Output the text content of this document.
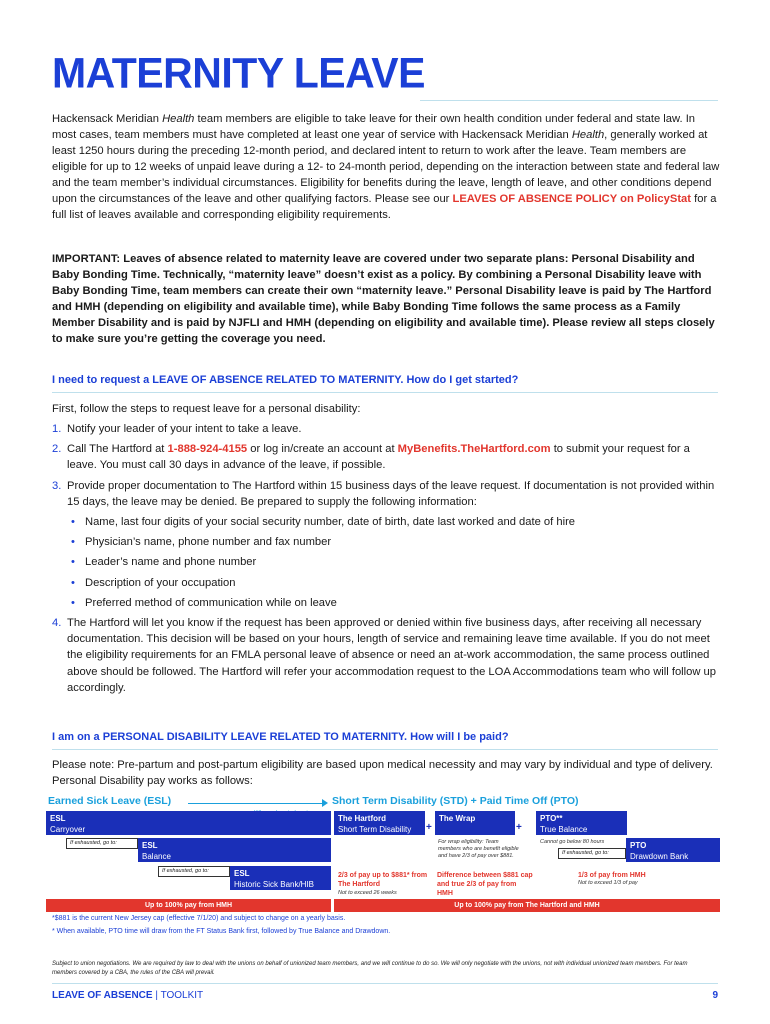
MATERNITY LEAVE

Hackensack Meridian Health team members are eligible to take leave for their own health condition under federal and state law. In most cases, team members must have completed at least one year of service with Hackensack Meridian Health, generally worked at least 1250 hours during the preceding 12-month period, and declared intent to return to work after the leave. Team members are eligible for up to 12 weeks of unpaid leave during a 12- to 24-month period, depending on the interaction between state and federal law and the team member’s individual circumstances. Eligibility for benefits during the leave, length of leave, and other conditions depend upon the circumstances of the leave and other qualifying factors. Please see our LEAVES OF ABSENCE POLICY on PolicyStat for a full list of leaves available and corresponding eligibility requirements.

IMPORTANT: Leaves of absence related to maternity leave are covered under two separate plans: Personal Disability and Baby Bonding Time. Technically, “maternity leave” doesn’t exist as a policy. By combining a Personal Disability leave with Baby Bonding Time, team members can create their own “maternity leave.” Personal Disability leave is paid by The Hartford and HMH (depending on eligibility and available time), while Baby Bonding Time follows the same process as a Family Member Disability and is paid by NJFLI and HMH (depending on eligibility and available time). Please review all steps closely to make sure you’re getting the coverage you need.

I need to request a LEAVE OF ABSENCE RELATED TO MATERNITY. How do I get started?
First, follow the steps to request leave for a personal disability:
1. Notify your leader of your intent to take a leave.
2. Call The Hartford at 1-888-924-4155 or log in/create an account at MyBenefits.TheHartford.com to submit your request for a leave. You must call 30 days in advance of the leave, if possible.
3. Provide proper documentation to The Hartford within 15 business days of the leave request. If documentation is not provided within 15 days, the leave may be denied. Be prepared to supply the following information:
• Name, last four digits of your social security number, date of birth, date last worked and date of hire
• Physician’s name, phone number and fax number
• Leader’s name and phone number
• Description of your occupation
• Preferred method of communication while on leave
4. The Hartford will let you know if the request has been approved or denied within five business days, after receiving all necessary documentation. This decision will be based on your hours, length of service and remaining leave time available. If you do not meet the eligibility requirements for an FMLA personal leave of absence or need an at-work accommodation, the same process outlined above should be followed. The Hartford will refer your accommodation request to the LOA Accommodations team who will follow up accordingly.
I am on a PERSONAL DISABILITY LEAVE RELATED TO MATERNITY. How will I be paid?
Please note: Pre-partum and post-partum eligibility are based upon medical necessity and may vary by individual and type of delivery. Personal Disability pay works as follows:
Earned Sick Leave (ESL)	Short Term Disability (STD) + Paid Time Off (PTO)
ESL
Carryover
If exhausted, go to:	ESL
Balance
If exhausted, go to:	ESL
Historic Sick Bank/HIB
The Hartford
Short Term Disability	+
The Wrap
+
PTO**
True Balance
For wrap eligibility: Team members who are benefit eligible and have 2/3 of pay over $881.
Cannot go below 80 hours
If exhausted, go to:
PTO
Drawdown Bank
2/3 of pay up to $881* from The Hartford
Not to exceed 26 weeks
Difference between $881 cap and true 2/3 of pay from HMH
1/3 of pay from HMH
Not to exceed 1/3 of pay
Up to 100% pay from HMH	Up to 100% pay from The Hartford and HMH
*$881 is the current New Jersey cap (effective 7/1/20) and subject to change on a yearly basis.
* When available, PTO time will draw from the FT Status Bank first, followed by True Balance and Drawdown.
Subject to union negotiations. We are required by law to deal with the unions on behalf of unionized team members, and we will continue to do so. We will only negotiate with the unions, not with individual unionized team members. For team members covered by a CBA, the rules of the CBA will prevail.
LEAVE OF ABSENCE | TOOLKIT	9
